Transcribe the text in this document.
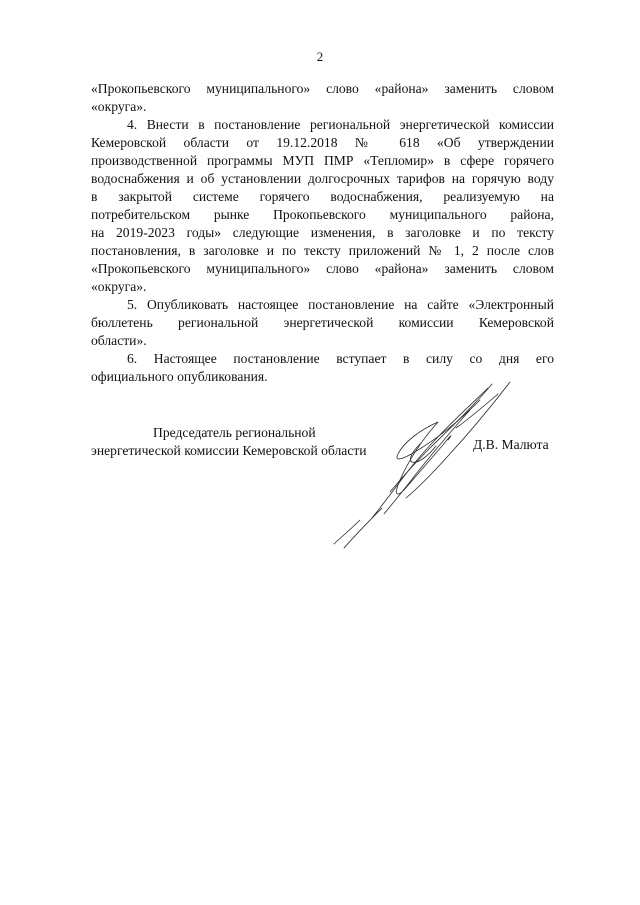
2
«Прокопьевского муниципального» слово «района» заменить словом
«округа».
4. Внести в постановление региональной энергетической комиссии
Кемеровской области от 19.12.2018 № 618 «Об утверждении
производственной программы МУП ПМР «Тепломир» в сфере горячего
водоснабжения и об установлении долгосрочных тарифов на горячую воду
в закрытой системе горячего водоснабжения, реализуемую на
потребительском рынке Прокопьевского муниципального района,
на 2019-2023 годы» следующие изменения, в заголовке и по тексту
постановления, в заголовке и по тексту приложений № 1, 2 после слов
«Прокопьевского муниципального» слово «района» заменить словом
«округа».
5. Опубликовать настоящее постановление на сайте «Электронный
бюллетень региональной энергетической комиссии Кемеровской
области».
6. Настоящее постановление вступает в силу со дня его
официального опубликования.
Председатель региональной
энергетической комиссии Кемеровской области	Д.В. Малюта
